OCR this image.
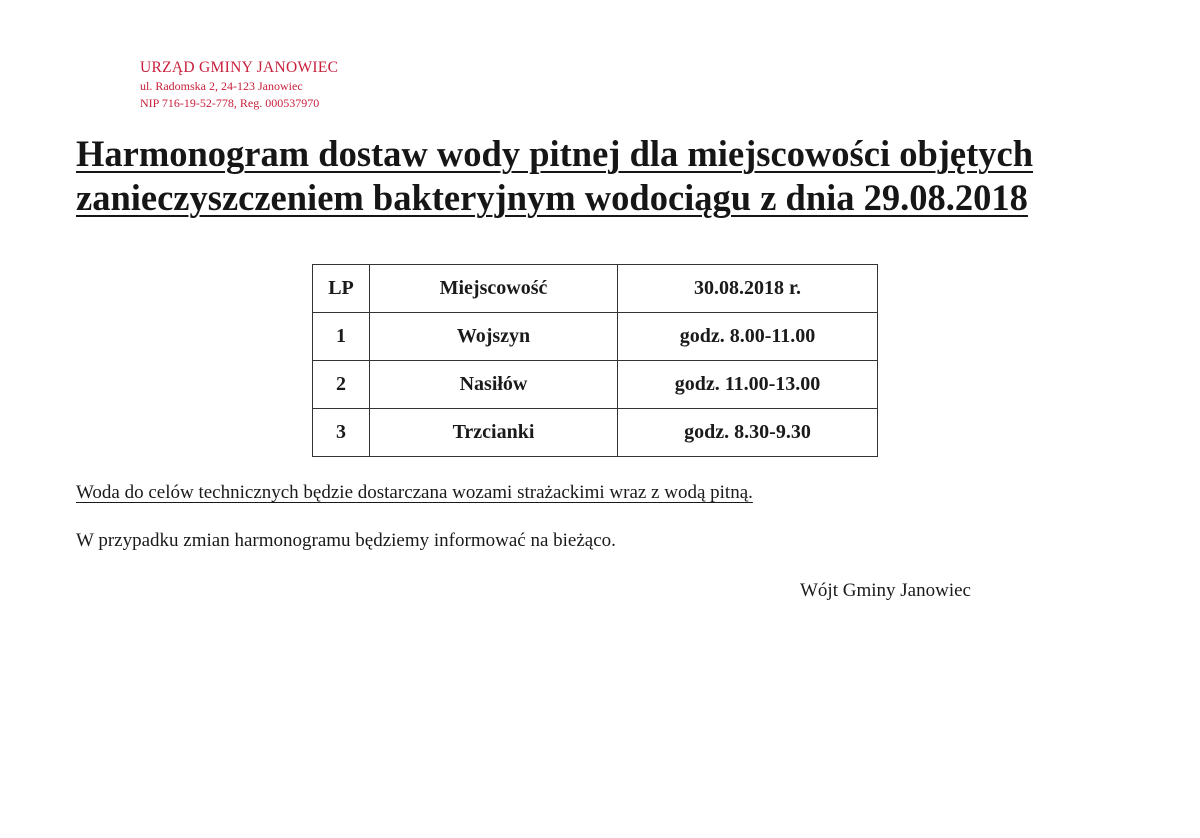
URZĄD GMINY JANOWIEC
ul. Radomska 2, 24-123 Janowiec
NIP 716-19-52-778, Reg. 000537970
Harmonogram dostaw wody pitnej dla miejscowości objętych
zanieczyszczeniem bakteryjnym wodociągu z dnia 29.08.2018
LP	Miejscowość	30.08.2018 r.
1	Wojszyn	godz. 8.00-11.00
2	Nasiłów	godz. 11.00-13.00
3	Trzcianki	godz. 8.30-9.30
Woda do celów technicznych będzie dostarczana wozami strażackimi wraz z wodą pitną.
W przypadku zmian harmonogramu będziemy informować na bieżąco.
Wójt Gminy Janowiec
